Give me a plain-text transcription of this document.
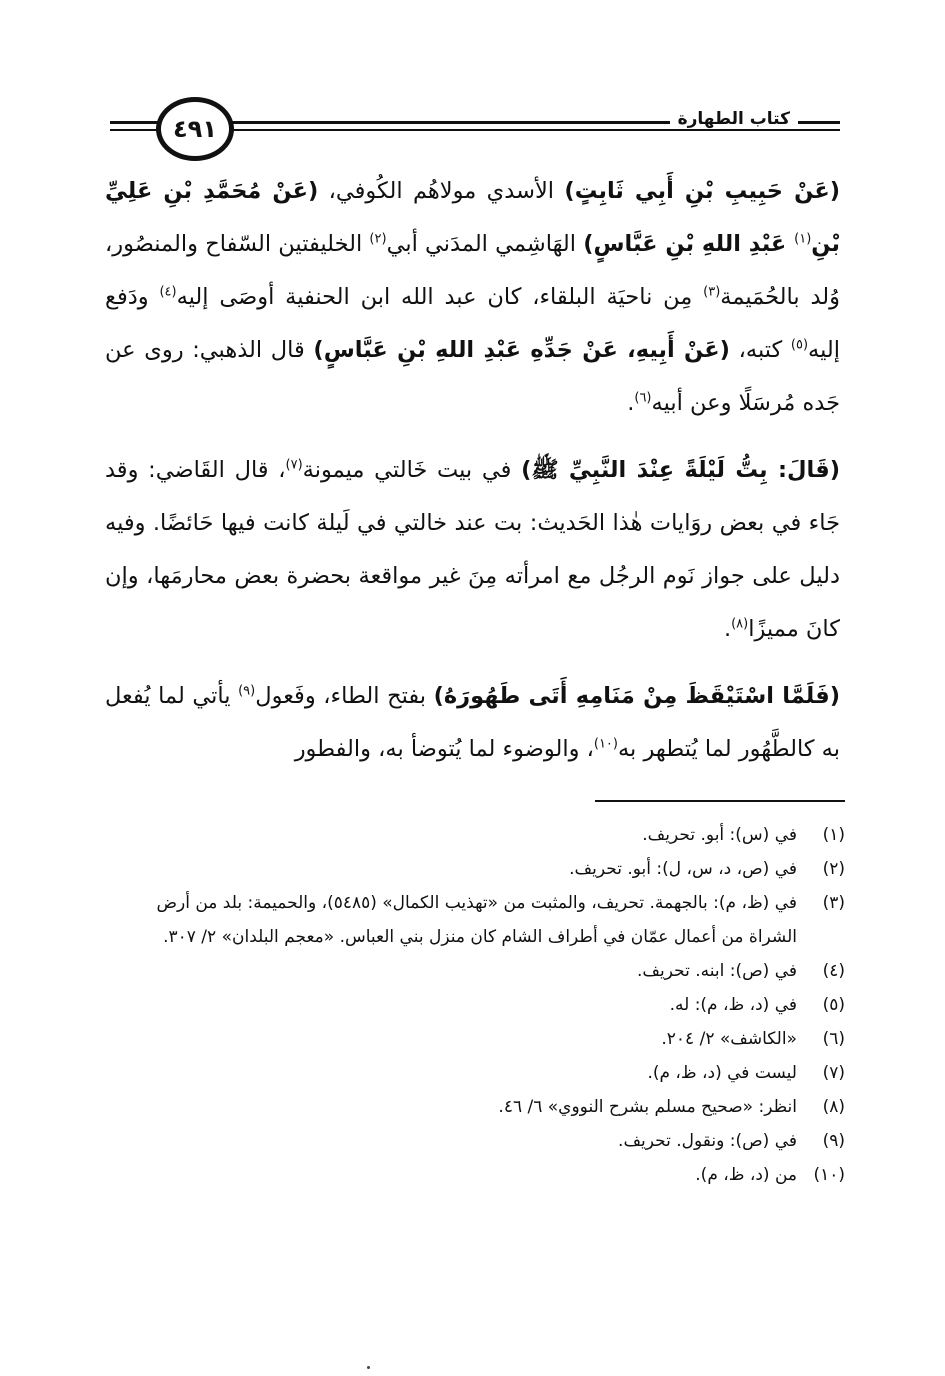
٤٩١	كتاب الطهارة

(عَنْ حَبِيبِ بْنِ أَبِي ثَابِتٍ) الأسدي مولاهُم الكُوفي، (عَنْ مُحَمَّدِ بْنِ عَلِيِّ بْنِ$^{(١)}$ عَبْدِ اللهِ بْنِ عَبَّاسٍ) الهَاشِمي المدَني أبي$^{(٢)}$ الخليفتين السّفاح والمنصُور، وُلد بالحُمَيمة$^{(٣)}$ مِن ناحيَة البلقاء، كان عبد الله ابن الحنفية أوصَى إليه$^{(٤)}$ ودَفع إليه$^{(٥)}$ كتبه، (عَنْ أَبِيهِ، عَنْ جَدِّهِ عَبْدِ اللهِ بْنِ عَبَّاسٍ) قال الذهبي: روى عن جَده مُرسَلًا وعن أبيه$^{(٦)}$.

(قَالَ: بِتُّ لَيْلَةً عِنْدَ النَّبِيِّ ﷺ) في بيت خَالتي ميمونة$^{(٧)}$، قال القَاضي: وقد جَاء في بعض روَايات هٰذا الحَديث: بت عند خالتي في لَيلة كانت فيها حَائضًا. وفيه دليل على جواز نَوم الرجُل مع امرأته مِنَ غير مواقعة بحضرة بعض محارمَها، وإن كانَ مميزًا$^{(٨)}$.

(فَلَمَّا اسْتَيْقَظَ مِنْ مَنَامِهِ أَتَى طَهُورَهُ) بفتح الطاء، وفَعول$^{(٩)}$ يأتي لما يُفعل به كالطَّهُور لما يُتطهر به$^{(١٠)}$، والوضوء لما يُتوضأ به، والفطور

(١)
في (س): أبو. تحريف.
(٢)
في (ص، د، س، ل): أبو. تحريف.
(٣)
في (ظ، م): بالجهمة. تحريف، والمثبت من «تهذيب الكمال» (٥٤٨٥)، والحميمة: بلد من أرض الشراة من أعمال عمّان في أطراف الشام كان منزل بني العباس. «معجم البلدان» ٢/ ٣٠٧.
(٤)
في (ص): ابنه. تحريف.
(٥)
في (د، ظ، م): له.
(٦)
«الكاشف» ٢/ ٢٠٤.
(٧)
ليست في (د، ظ، م).
(٨)
انظر: «صحيح مسلم بشرح النووي» ٦/ ٤٦.
(٩)
في (ص): ونقول. تحريف.
(١٠)
من (د، ظ، م).
